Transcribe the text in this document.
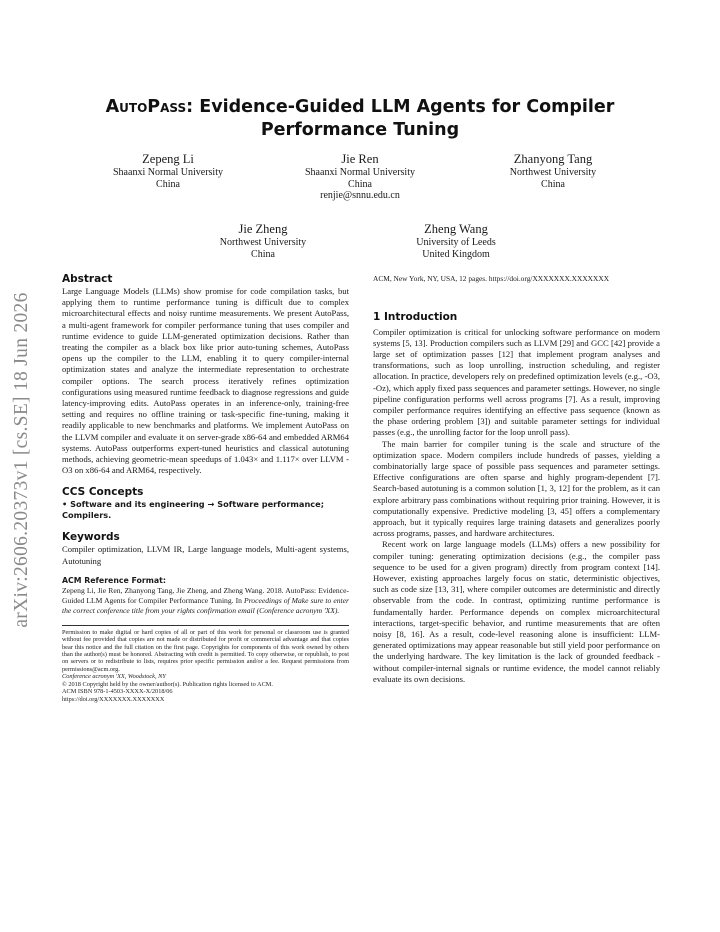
arXiv:2606.20373v1 [cs.SE] 18 Jun 2026
AutoPass: Evidence-Guided LLM Agents for Compiler Performance Tuning
Zepeng Li
Shaanxi Normal University
China
Jie Ren
Shaanxi Normal University
China
renjie@snnu.edu.cn
Zhanyong Tang
Northwest University
China
Jie Zheng
Northwest University
China
Zheng Wang
University of Leeds
United Kingdom
Abstract

Large Language Models (LLMs) show promise for code compilation tasks, but applying them to runtime performance tuning is difficult due to complex microarchitectural effects and noisy runtime measurements. We present AutoPass, a multi-agent framework for compiler performance tuning that uses compiler and runtime evidence to guide LLM-generated optimization decisions. Rather than treating the compiler as a black box like prior auto-tuning schemes, AutoPass opens up the compiler to the LLM, enabling it to query compiler-internal optimization states and analyze the intermediate representation to orchestrate compiler options. The search process iteratively refines optimization configurations using measured runtime feedback to diagnose regressions and guide latency-improving edits. AutoPass operates in an inference-only, training-free setting and requires no offline training or task-specific fine-tuning, making it readily applicable to new benchmarks and platforms. We implement AutoPass on the LLVM compiler and evaluate it on server-grade x86-64 and embedded ARM64 systems. AutoPass outperforms expert-tuned heuristics and classical autotuning methods, achieving geometric-mean speedups of 1.043× and 1.117× over LLVM -O3 on x86-64 and ARM64, respectively.

CCS Concepts

• Software and its engineering → Software performance; Compilers.

Keywords

Compiler optimization, LLVM IR, Large language models, Multi-agent systems, Autotuning

ACM Reference Format:

Zepeng Li, Jie Ren, Zhanyong Tang, Jie Zheng, and Zheng Wang. 2018. AutoPass: Evidence-Guided LLM Agents for Compiler Performance Tuning. In Proceedings of Make sure to enter the correct conference title from your rights confirmation email (Conference acronym 'XX).

Permission to make digital or hard copies of all or part of this work for personal or classroom use is granted without fee provided that copies are not made or distributed for profit or commercial advantage and that copies bear this notice and the full citation on the first page. Copyrights for components of this work owned by others than the author(s) must be honored. Abstracting with credit is permitted. To copy otherwise, or republish, to post on servers or to redistribute to lists, requires prior specific permission and/or a fee. Request permissions from permissions@acm.org.

Conference acronym 'XX, Woodstock, NY

© 2018 Copyright held by the owner/author(s). Publication rights licensed to ACM.

ACM ISBN 978-1-4503-XXXX-X/2018/06

https://doi.org/XXXXXXX.XXXXXXX

ACM, New York, NY, USA, 12 pages. https://doi.org/XXXXXXX.XXXXXXX

1 Introduction

Compiler optimization is critical for unlocking software performance on modern systems [5, 13]. Production compilers such as LLVM [29] and GCC [42] provide a large set of optimization passes [12] that implement program analyses and transformations, such as loop unrolling, instruction scheduling, and register allocation. In practice, developers rely on predefined optimization levels (e.g., -O3, -Oz), which apply fixed pass sequences and parameter settings. However, no single pipeline configuration performs well across programs [7]. As a result, improving compiler performance requires identifying an effective pass sequence (known as the phase ordering problem [3]) and suitable parameter settings for individual passes (e.g., the unrolling factor for the loop unroll pass).

The main barrier for compiler tuning is the scale and structure of the optimization space. Modern compilers include hundreds of passes, yielding a combinatorially large space of possible pass sequences and parameter settings. Effective configurations are often sparse and highly program-dependent [7]. Search-based autotuning is a common solution [1, 3, 12] for the problem, as it can explore arbitrary pass combinations without requiring prior training. However, it is computationally expensive. Predictive modeling [3, 45] offers a complementary approach, but it typically requires large training datasets and generalizes poorly across programs, passes, and hardware architectures.

Recent work on large language models (LLMs) offers a new possibility for compiler tuning: generating optimization decisions (e.g., the compiler pass sequence to be used for a given program) directly from program context [14]. However, existing approaches largely focus on static, deterministic objectives, such as code size [13, 31], where compiler outcomes are deterministic and directly observable from the code. In contrast, optimizing runtime performance is fundamentally harder. Performance depends on complex microarchitectural interactions, target-specific behavior, and runtime measurements that are often noisy [8, 16]. As a result, code-level reasoning alone is insufficient: LLM-generated optimizations may appear reasonable but still yield poor performance on the underlying hardware. The key limitation is the lack of grounded feedback - without compiler-internal signals or runtime evidence, the model cannot reliably evaluate its own decisions.
